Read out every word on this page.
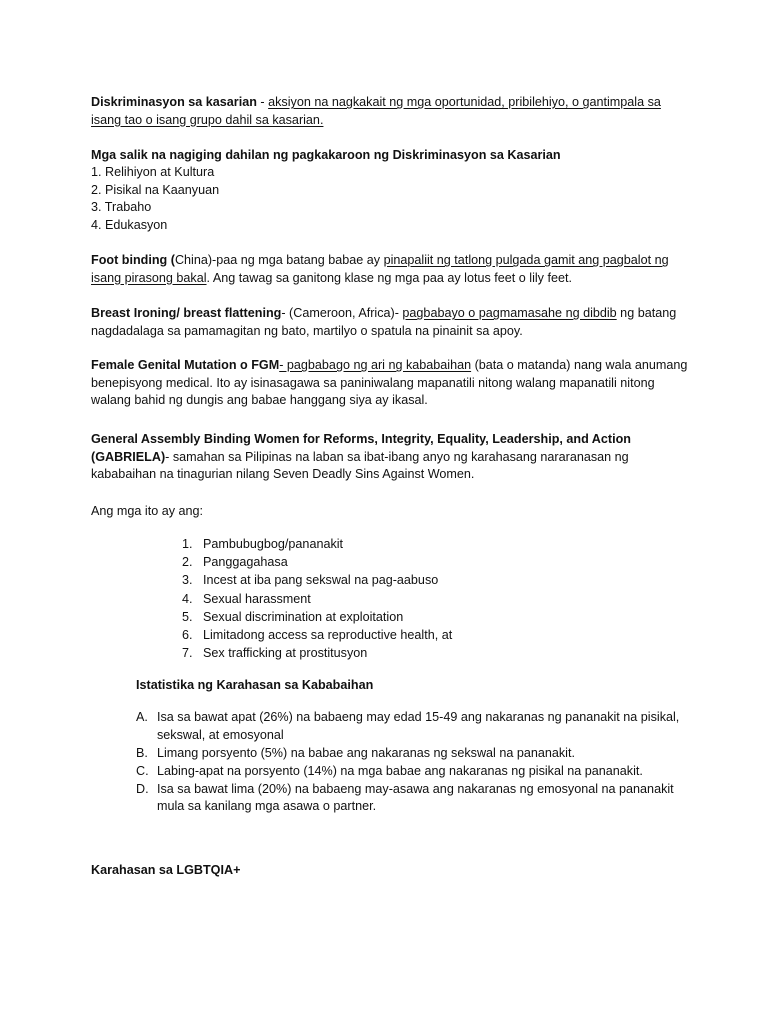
Diskriminasyon sa kasarian - aksiyon na nagkakait ng mga oportunidad, pribilehiyo, o gantimpala sa isang tao o isang grupo dahil sa kasarian.

Mga salik na nagiging dahilan ng pagkakaroon ng Diskriminasyon sa Kasarian

1. Relihiyon at Kultura
2. Pisikal na Kaanyuan
3. Trabaho
4. Edukasyon

Foot binding (China)-paa ng mga batang babae ay pinapaliit ng tatlong pulgada gamit ang pagbalot ng isang pirasong bakal. Ang tawag sa ganitong klase ng mga paa ay lotus feet o lily feet.

Breast Ironing/ breast flattening- (Cameroon, Africa)- pagbabayo o pagmamasahe ng dibdib ng batang nagdadalaga sa pamamagitan ng bato, martilyo o spatula na pinainit sa apoy.

Female Genital Mutation o FGM- pagbabago ng ari ng kababaihan (bata o matanda) nang wala anumang benepisyong medical. Ito ay isinasagawa sa paniniwalang mapanatili nitong walang mapanatili nitong walang bahid ng dungis ang babae hanggang siya ay ikasal.

General Assembly Binding Women for Reforms, Integrity, Equality, Leadership, and Action (GABRIELA)- samahan sa Pilipinas na laban sa ibat-ibang anyo ng karahasang nararanasan ng kababaihan na tinagurian nilang Seven Deadly Sins Against Women.

Ang mga ito ay ang:

1. Pambubugbog/pananakit
2. Panggagahasa
3. Incest at iba pang sekswal na pag-aabuso
4. Sexual harassment
5. Sexual discrimination at exploitation
6. Limitadong access sa reproductive health, at
7. Sex trafficking at prostitusyon

Istatistika ng Karahasan sa Kababaihan

A. Isa sa bawat apat (26%) na babaeng may edad 15-49 ang nakaranas ng pananakit na pisikal, sekswal, at emosyonal
B. Limang porsyento (5%) na babae ang nakaranas ng sekswal na pananakit.
C. Labing-apat na porsyento (14%) na mga babae ang nakaranas ng pisikal na pananakit.
D. Isa sa bawat lima (20%) na babaeng may-asawa ang nakaranas ng emosyonal na pananakit mula sa kanilang mga asawa o partner.

Karahasan sa LGBTQIA+
